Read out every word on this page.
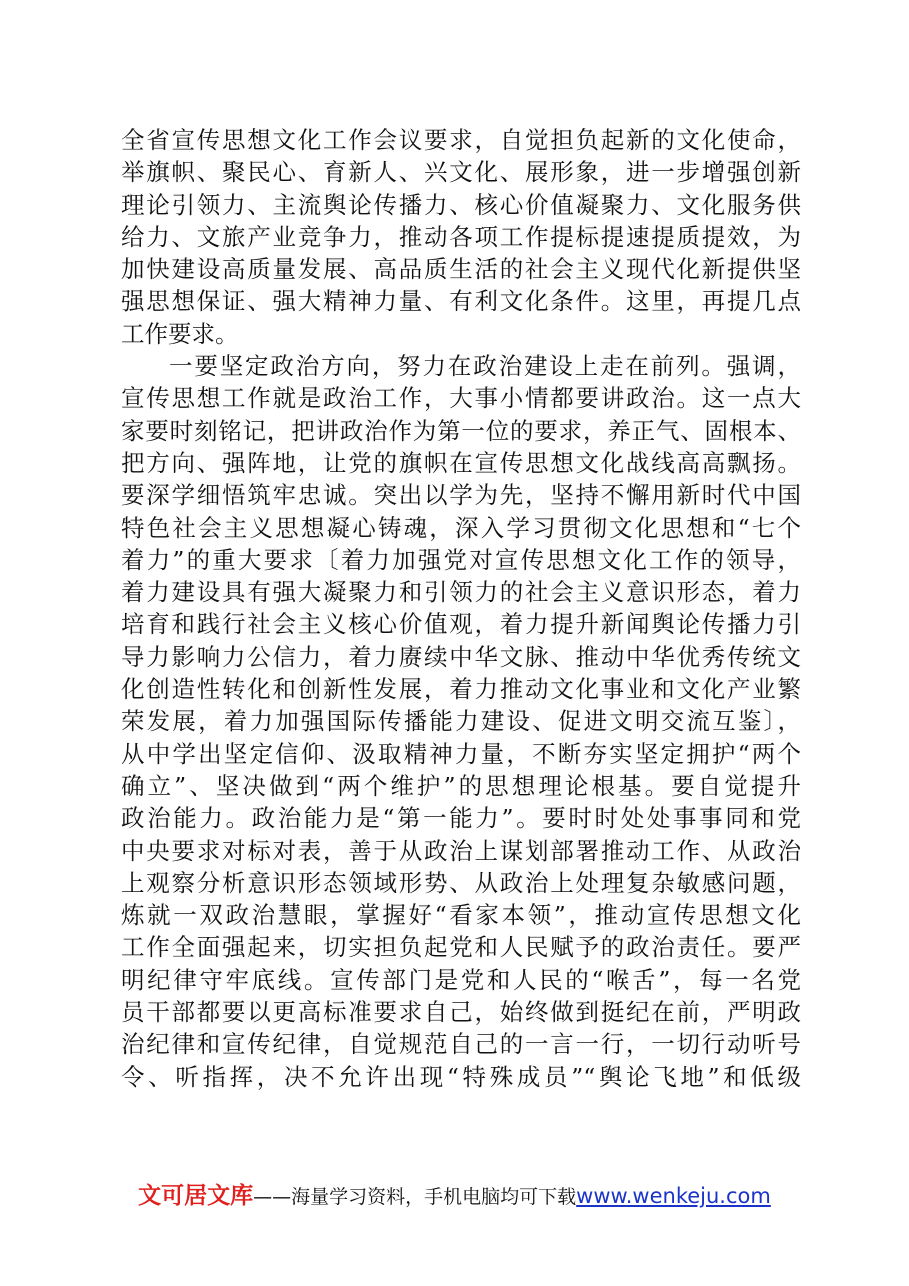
全省宣传思想文化工作会议要求，自觉担负起新的文化使命，
举旗帜、聚民心、育新人、兴文化、展形象，进一步增强创新
理论引领力、主流舆论传播力、核心价值凝聚力、文化服务供
给力、文旅产业竞争力，推动各项工作提标提速提质提效，为
加快建设高质量发展、高品质生活的社会主义现代化新提供坚
强思想保证、强大精神力量、有利文化条件。这里，再提几点
工作要求。
一要坚定政治方向，努力在政治建设上走在前列。强调，
宣传思想工作就是政治工作，大事小情都要讲政治。这一点大
家要时刻铭记，把讲政治作为第一位的要求，养正气、固根本、
把方向、强阵地，让党的旗帜在宣传思想文化战线高高飘扬。
要深学细悟筑牢忠诚。突出以学为先，坚持不懈用新时代中国
特色社会主义思想凝心铸魂，深入学习贯彻文化思想和“七个
着力”的重大要求〔着力加强党对宣传思想文化工作的领导，
着力建设具有强大凝聚力和引领力的社会主义意识形态，着力
培育和践行社会主义核心价值观，着力提升新闻舆论传播力引
导力影响力公信力，着力赓续中华文脉、推动中华优秀传统文
化创造性转化和创新性发展，着力推动文化事业和文化产业繁
荣发展，着力加强国际传播能力建设、促进文明交流互鉴〕，
从中学出坚定信仰、汲取精神力量，不断夯实坚定拥护“两个
确立”、坚决做到“两个维护”的思想理论根基。要自觉提升
政治能力。政治能力是“第一能力”。要时时处处事事同和党
中央要求对标对表，善于从政治上谋划部署推动工作、从政治
上观察分析意识形态领域形势、从政治上处理复杂敏感问题，
炼就一双政治慧眼，掌握好“看家本领”，推动宣传思想文化
工作全面强起来，切实担负起党和人民赋予的政治责任。要严
明纪律守牢底线。宣传部门是党和人民的“喉舌”，每一名党
员干部都要以更高标准要求自己，始终做到挺纪在前，严明政
治纪律和宣传纪律，自觉规范自己的一言一行，一切行动听号
令、听指挥，决不允许出现“特殊成员”“舆论飞地”和低级
文可居文库——海量学习资料，手机电脑均可下载www.wenkeju.com
